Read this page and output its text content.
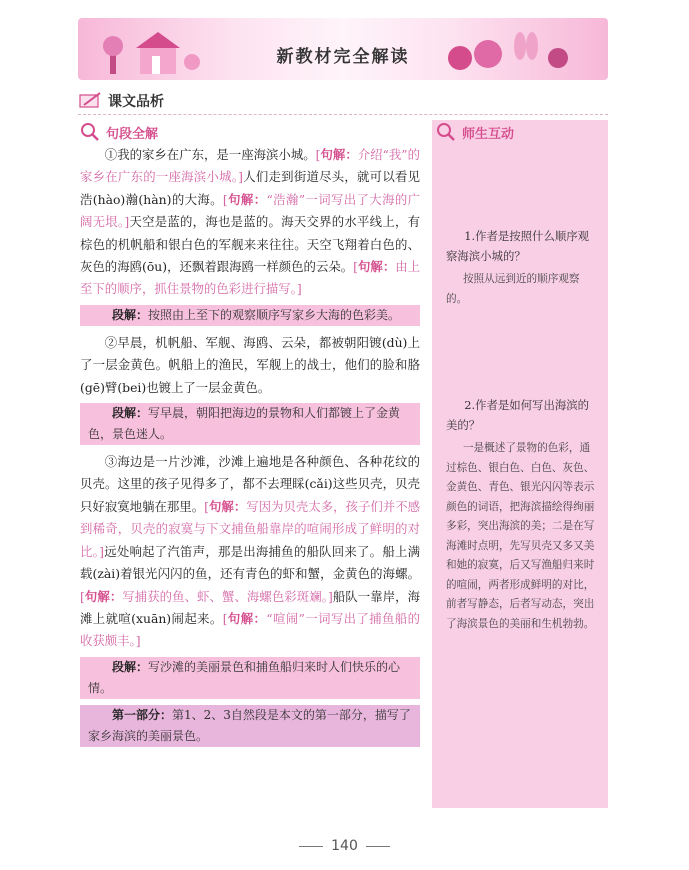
新教材完全解读
课文品析
句段全解

①我的家乡在广东，是一座海滨小城。[句解：介绍“我”的家乡在广东的一座海滨小城。]人们走到街道尽头，就可以看见浩(hào)瀚(hàn)的大海。[句解：“浩瀚”一词写出了大海的广阔无垠。]天空是蓝的，海也是蓝的。海天交界的水平线上，有棕色的机帆船和银白色的军舰来来往往。天空飞翔着白色的、灰色的海鸥(ōu)，还飘着跟海鸥一样颜色的云朵。[句解：由上至下的顺序，抓住景物的色彩进行描写。]

段解：按照由上至下的观察顺序写家乡大海的色彩美。

②早晨，机帆船、军舰、海鸥、云朵，都被朝阳镀(dù)上了一层金黄色。帆船上的渔民，军舰上的战士，他们的脸和胳(gē)臂(bei)也镀上了一层金黄色。

段解：写早晨，朝阳把海边的景物和人们都镀上了金黄色，景色迷人。

③海边是一片沙滩，沙滩上遍地是各种颜色、各种花纹的贝壳。这里的孩子见得多了，都不去理睬(cǎi)这些贝壳，贝壳只好寂寞地躺在那里。[句解：写因为贝壳太多，孩子们并不感到稀奇，贝壳的寂寞与下文捕鱼船靠岸的喧闹形成了鲜明的对比。]远处响起了汽笛声，那是出海捕鱼的船队回来了。船上满载(zài)着银光闪闪的鱼，还有青色的虾和蟹，金黄色的海螺。[句解：写捕获的鱼、虾、蟹、海螺色彩斑斓。]船队一靠岸，海滩上就喧(xuān)闹起来。[句解：“喧闹”一词写出了捕鱼船的收获颇丰。]

段解：写沙滩的美丽景色和捕鱼船归来时人们快乐的心情。
第一部分：第1、2、3自然段是本文的第一部分，描写了家乡海滨的美丽景色。
师生互动

1.作者是按照什么顺序观察海滨小城的？

按照从远到近的顺序观察的。

2.作者是如何写出海滨的美的？

一是概述了景物的色彩，通过棕色、银白色、白色、灰色、金黄色、青色、银光闪闪等表示颜色的词语，把海滨描绘得绚丽多彩，突出海滨的美；二是在写海滩时点明，先写贝壳又多又美和她的寂寞，后又写渔船归来时的喧闹，两者形成鲜明的对比，前者写静态，后者写动态，突出了海滨景色的美丽和生机勃勃。

140
